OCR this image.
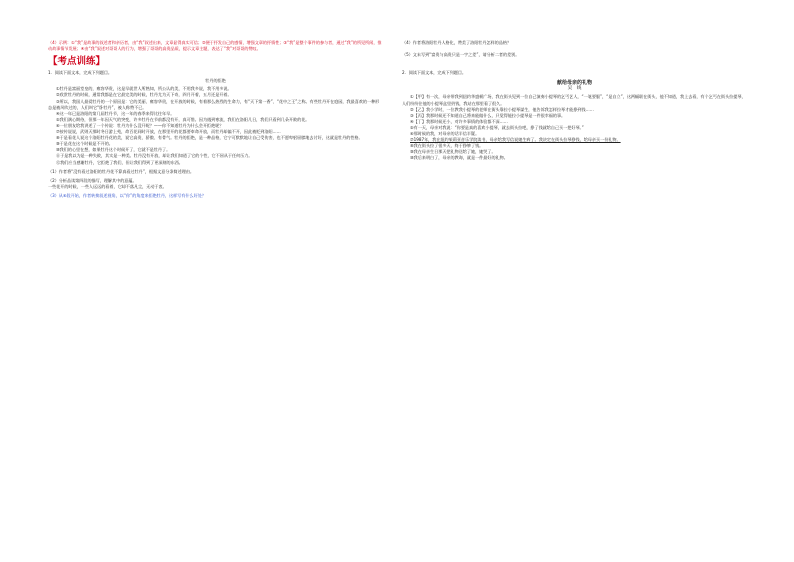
（4）示例：①“我”是故事的叙述者和亲历者，由“我”叙述出来，文章显得真实可信；②便于抒发自己的感情，增强文章的抒情性；③“我”是整个事件的参与者，通过“我”的所见所闻，推动故事情节发展；④由“我”叙述对哥哥人的行为，增强了哥哥的高贵品质，提示文章主题，表达了“我”对哥哥的赞叹。

【考点训练】

1．阅读下面文本，完成下列题目。

牡丹的拒绝

①牡丹是富丽堂皇的，雍容华贵，这是早就世人所熟知，所公认的美，不用我多说，我不用多说。

②欣赏牡丹的时候，通常我都是在它最完美的时候，牡丹尤为天下奇，四月开着，五月还是开着。

③所以，我国人最爱牡丹的一个原因是：它的美丽、雍容华贵，在开放的时候，有着那么热烈的生命力，有“天下第一香”、“花中之王”之称。有些牡丹开在庭园，我最喜欢的一种形态是被风吹过的，人们叫它“卧牡丹”，被人称赞不已。

④这一年已是洛阳的第几届牡丹节，这一年的春季来得比往年早。

⑤我们满心期待，但那一年因天气的突变，许多牡丹在节前都没有开，真可惜。因为遇到寒流，我们在洛阳几日，我们只看到几朵开败的花。

⑥一位朋友给我讲述了一个传说：牡丹为什么没开呢？——你不知道牡丹为什么会开拒绝呢？

⑦按传说说，武则天那时冬日游上苑，命百花同时开放，在那里开的花都要奉命开放，而牡丹却偏不开，因此被贬到洛阳……

⑧于是看花人说这个洛阳牡丹花的美，说它高贵、骄傲、有骨气。牡丹的拒绝，是一种品格，它宁可默默地让自己受伤害，也不愿卑躬屈膝地去讨好，这就是牡丹的性格。

⑨于是花在这个时候是不开的。

⑩我们的心里在想，如果牡丹这个时候开了，它就不是牡丹了。

⑪于是我以为是一种失败，其实是一种美。牡丹没有开放，却让我们知道了它的个性，它不屈从于任何压力。

⑫我们应当感谢牡丹，它拒绝了我们，但让我们得到了更深刻的东西。

（1）作者将“没有看过洛阳的牡丹花不算真看过牡丹”，根据文意分条简述理由。

（2）分析品读第四段的描写，理解其中的意蕴。

一些花开的时候，一些人远远的看着，它却不落凡尘，无动于衷。

（3）从⑥段开始，作者转换叙述视角，以“你”的角度来拒绝牡丹，这样写有什么好处？

（4）作者将洛阳牡丹人格化，赞美了洛阳牡丹怎样的品格？

（5）文末写到“富贵与高贵只是一字之差”，请分析二者的差别。

2．阅读下面文本，完成下列题目。

献给母亲的礼物

吴　线

①【甲】有一次，母亲带我到纽约华盛顿广场，我在街头见到一位自己演奏小提琴的乞丐艺人，“一笔要服”，“是自立”，这两幅联在街头，他不知道，我上去看，有个乞丐在街头拉提琴，人们纷纷往他的小提琴盒里扔钱，我站在那里看了很久。

②【乙】我小学时，一位教我小提琴的老师在街头靠拉小提琴谋生，他告诉我怎样拉琴才能挣到钱……

③【丙】我那时候还不知道自己将来能做什么，只觉得能拉小提琴是一件很幸福的事。

④【丁】我那时候还小，对许多事情的体验都不深……

⑤有一天，母亲对我说：“你要是真的喜欢小提琴，就去街头拉吧，挣了钱就给自己买一把好琴。”

⑥那时候的我，对母亲的话半信半疑。

⑦1987年，我在纽约茱莉亚音乐学院读书，母亲给我写信说她生病了。我决定在街头拉琴挣钱，给母亲买一份礼物。

⑧我在街头拉了很多天，终于挣够了钱。

⑨我在母亲生日那天把礼物送给了她，她哭了。

⑩我后来明白了，母亲的教诲，就是一件最好的礼物。
